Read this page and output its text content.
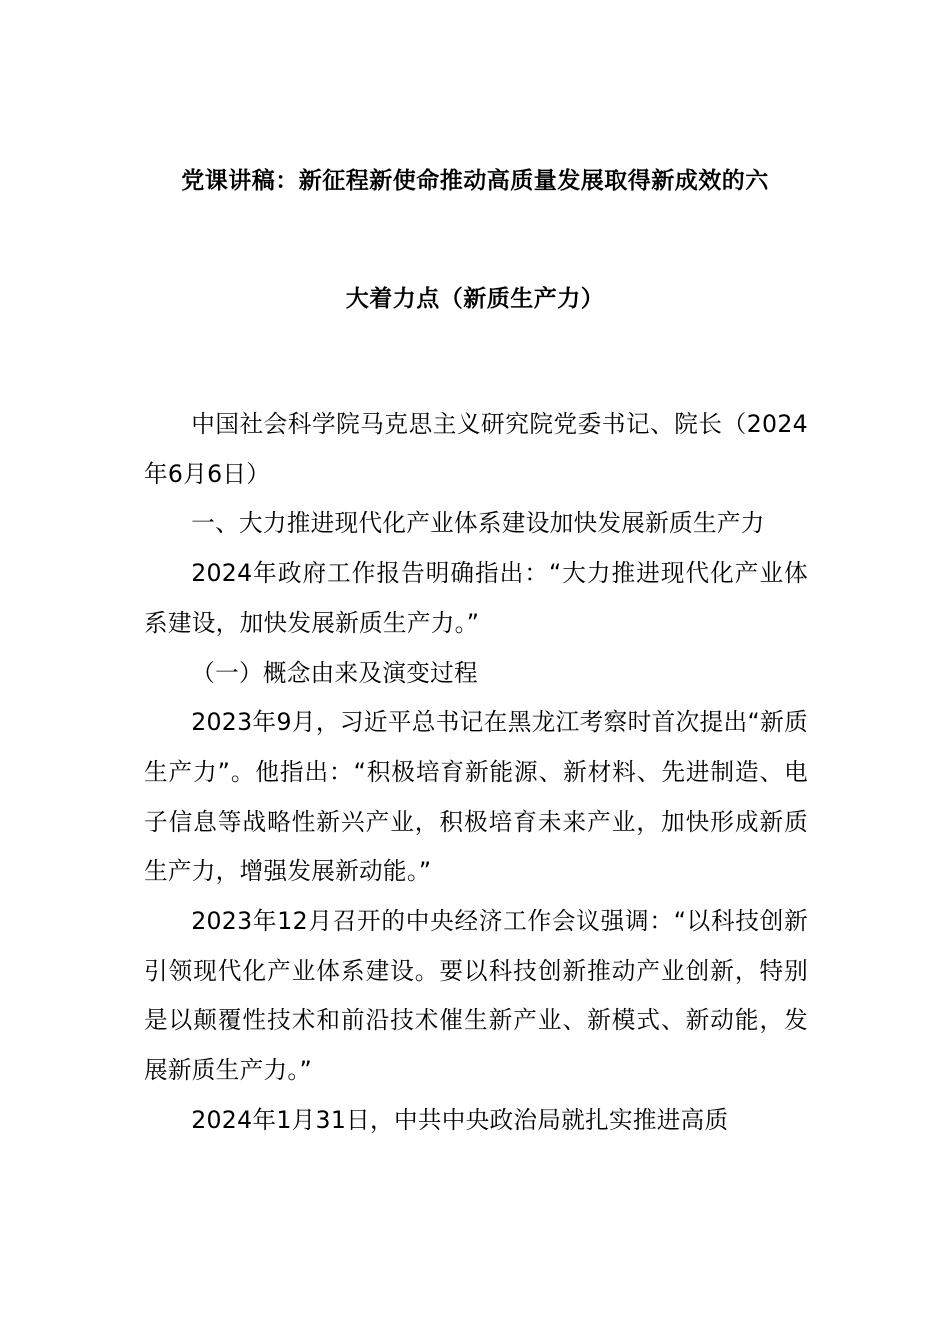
党课讲稿：新征程新使命推动高质量发展取得新成效的六
大着力点（新质生产力）

中国社会科学院马克思主义研究院党委书记、院长（2024年6月6日）

一、大力推进现代化产业体系建设加快发展新质生产力

2024年政府工作报告明确指出：“大力推进现代化产业体系建设，加快发展新质生产力。”

（一）概念由来及演变过程

2023年9月，习近平总书记在黑龙江考察时首次提出“新质生产力”。他指出：“积极培育新能源、新材料、先进制造、电子信息等战略性新兴产业，积极培育未来产业，加快形成新质生产力，增强发展新动能。”

2023年12月召开的中央经济工作会议强调：“以科技创新引领现代化产业体系建设。要以科技创新推动产业创新，特别是以颠覆性技术和前沿技术催生新产业、新模式、新动能，发展新质生产力。”

2024年1月31日，中共中央政治局就扎实推进高质
